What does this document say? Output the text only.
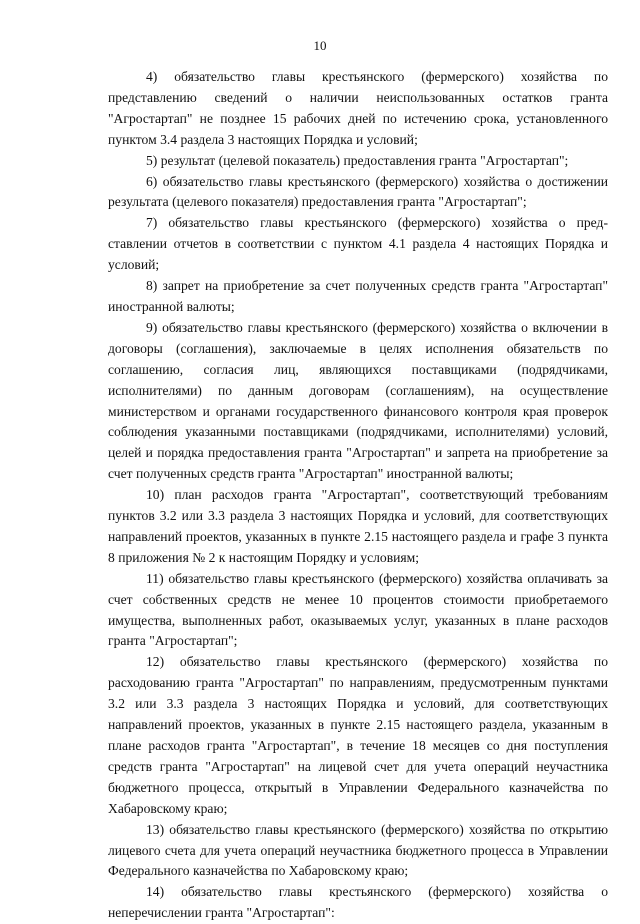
10

4) обязательство главы крестьянского (фермерского) хозяйства по представлению сведений о наличии неиспользованных остатков гранта "Агростартап" не позднее 15 рабочих дней по истечению срока, установленного пунктом 3.4 раздела 3 настоящих Порядка и условий;

5) результат (целевой показатель) предоставления гранта "Агростартап";

6) обязательство главы крестьянского (фермерского) хозяйства о достижении результата (целевого показателя) предоставления гранта "Агростартап";

7) обязательство главы крестьянского (фермерского) хозяйства о представлении отчетов в соответствии с пунктом 4.1 раздела 4 настоящих Порядка и условий;

8) запрет на приобретение за счет полученных средств гранта "Агростартап" иностранной валюты;

9) обязательство главы крестьянского (фермерского) хозяйства о включении в договоры (соглашения), заключаемые в целях исполнения обязательств по соглашению, согласия лиц, являющихся поставщиками (подрядчиками, исполнителями) по данным договорам (соглашениям), на осуществление министерством и органами государственного финансового контроля края проверок соблюдения указанными поставщиками (подрядчиками, исполнителями) условий, целей и порядка предоставления гранта "Агростартап" и запрета на приобретение за счет полученных средств гранта "Агростартап" иностранной валюты;

10) план расходов гранта "Агростартап", соответствующий требованиям пунктов 3.2 или 3.3 раздела 3 настоящих Порядка и условий, для соответствующих направлений проектов, указанных в пункте 2.15 настоящего раздела и графе 3 пункта 8 приложения № 2 к настоящим Порядку и условиям;

11) обязательство главы крестьянского (фермерского) хозяйства оплачивать за счет собственных средств не менее 10 процентов стоимости приобретаемого имущества, выполненных работ, оказываемых услуг, указанных в плане расходов гранта "Агростартап";

12) обязательство главы крестьянского (фермерского) хозяйства по расходованию гранта "Агростартап" по направлениям, предусмотренным пунктами 3.2 или 3.3 раздела 3 настоящих Порядка и условий, для соответствующих направлений проектов, указанных в пункте 2.15 настоящего раздела, указанным в плане расходов гранта "Агростартап", в течение 18 месяцев со дня поступления средств гранта "Агростартап" на лицевой счет для учета операций неучастника бюджетного процесса, открытый в Управлении Федерального казначейства по Хабаровскому краю;

13) обязательство главы крестьянского (фермерского) хозяйства по открытию лицевого счета для учета операций неучастника бюджетного процесса в Управлении Федерального казначейства по Хабаровскому краю;

14) обязательство главы крестьянского (фермерского) хозяйства о неперечислении гранта "Агростартап":
